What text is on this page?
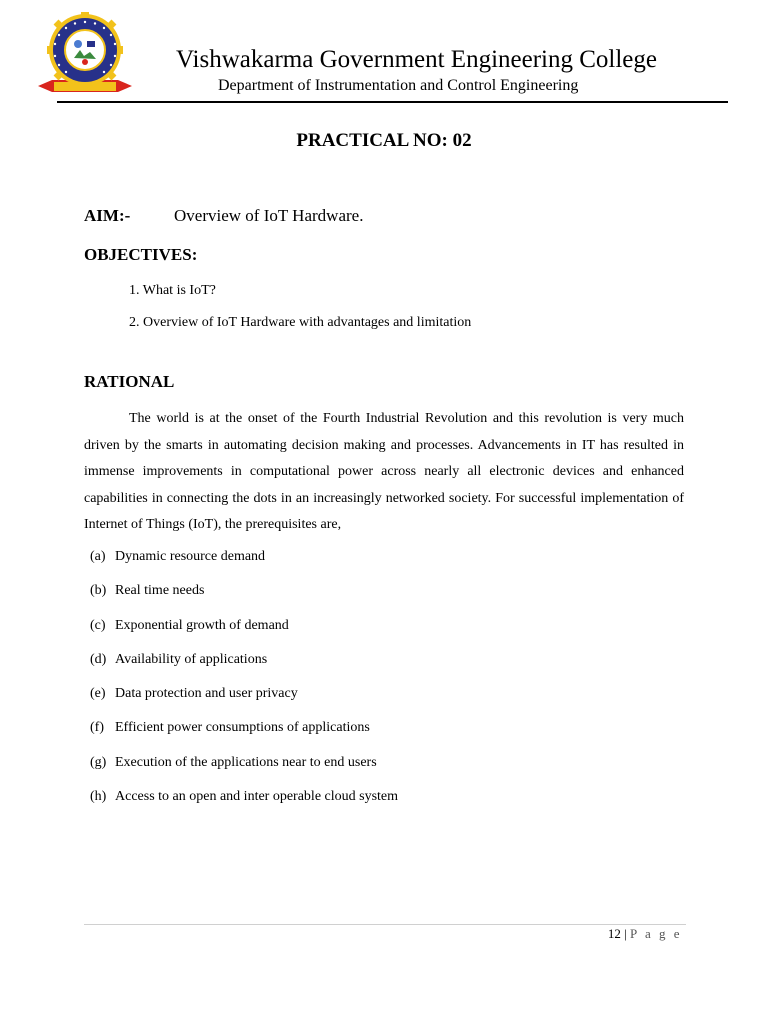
Vishwakarma Government Engineering College
Department of Instrumentation and Control Engineering
PRACTICAL NO: 02
AIM:-	Overview of IoT Hardware.
OBJECTIVES:
1. What is IoT?
2. Overview of IoT Hardware with advantages and limitation
RATIONAL
The world is at the onset of the Fourth Industrial Revolution and this revolution is very much driven by the smarts in automating decision making and processes. Advancements in IT has resulted in immense improvements in computational power across nearly all electronic devices and enhanced capabilities in connecting the dots in an increasingly networked society. For successful implementation of Internet of Things (IoT), the prerequisites are,
(a) Dynamic resource demand
(b) Real time needs
(c) Exponential growth of demand
(d) Availability of applications
(e) Data protection and user privacy
(f) Efficient power consumptions of applications
(g) Execution of the applications near to end users
(h) Access to an open and inter operable cloud system
12 | P a g e
